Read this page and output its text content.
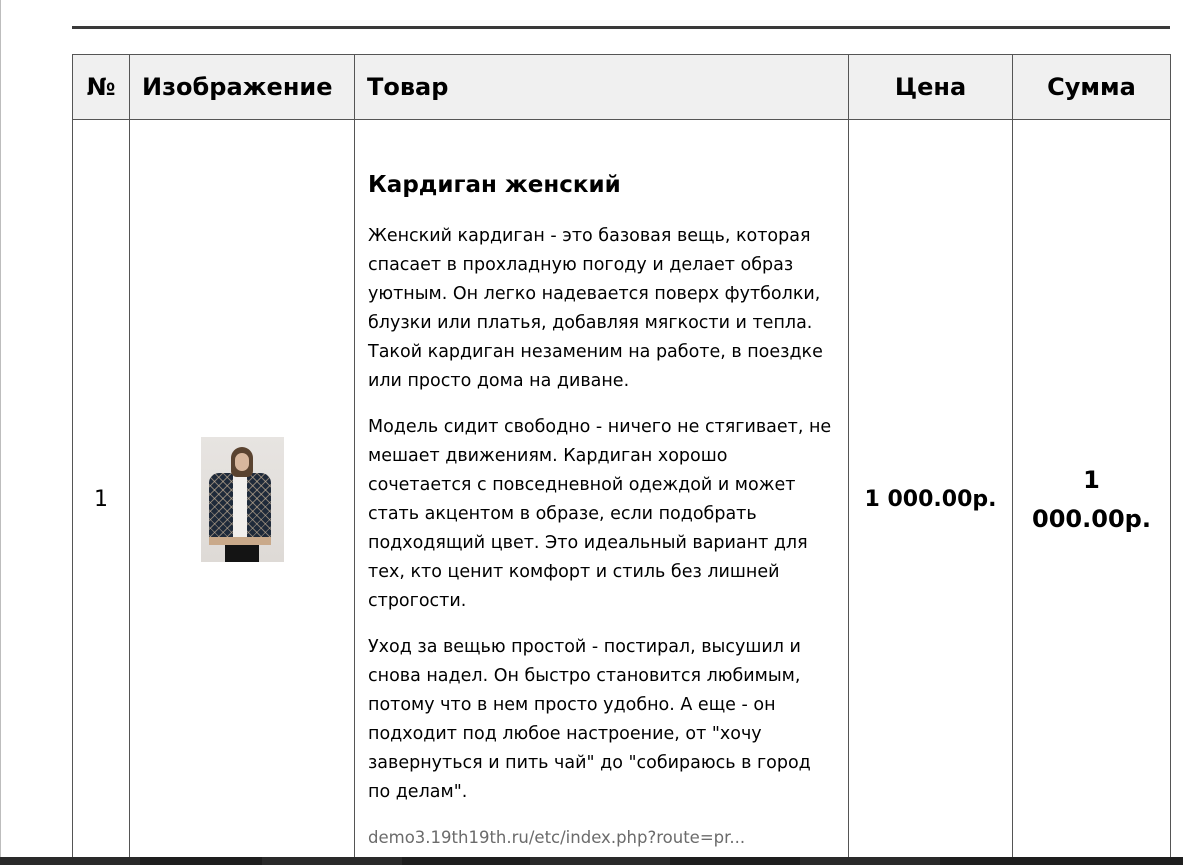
№	Изображение	Товар	Цена	Сумма
1		Кардиган женский

Женский кардиган - это базовая вещь, которая спасает в прохладную погоду и делает образ уютным. Он легко надевается поверх футболки, блузки или платья, добавляя мягкости и тепла. Такой кардиган незаменим на работе, в поездке или просто дома на диване.

Модель сидит свободно - ничего не стягивает, не мешает движениям. Кардиган хорошо сочетается с повседневной одеждой и может стать акцентом в образе, если подобрать подходящий цвет. Это идеальный вариант для тех, кто ценит комфорт и стиль без лишней строгости.

Уход за вещью простой - постирал, высушил и снова надел. Он быстро становится любимым, потому что в нем просто удобно. А еще - он подходит под любое настроение, от "хочу завернуться и пить чай" до "собираюсь в город по делам".

demo3.19th19th.ru/etc/index.php?route=pr...	1 000.00р.	1 000.00р.
